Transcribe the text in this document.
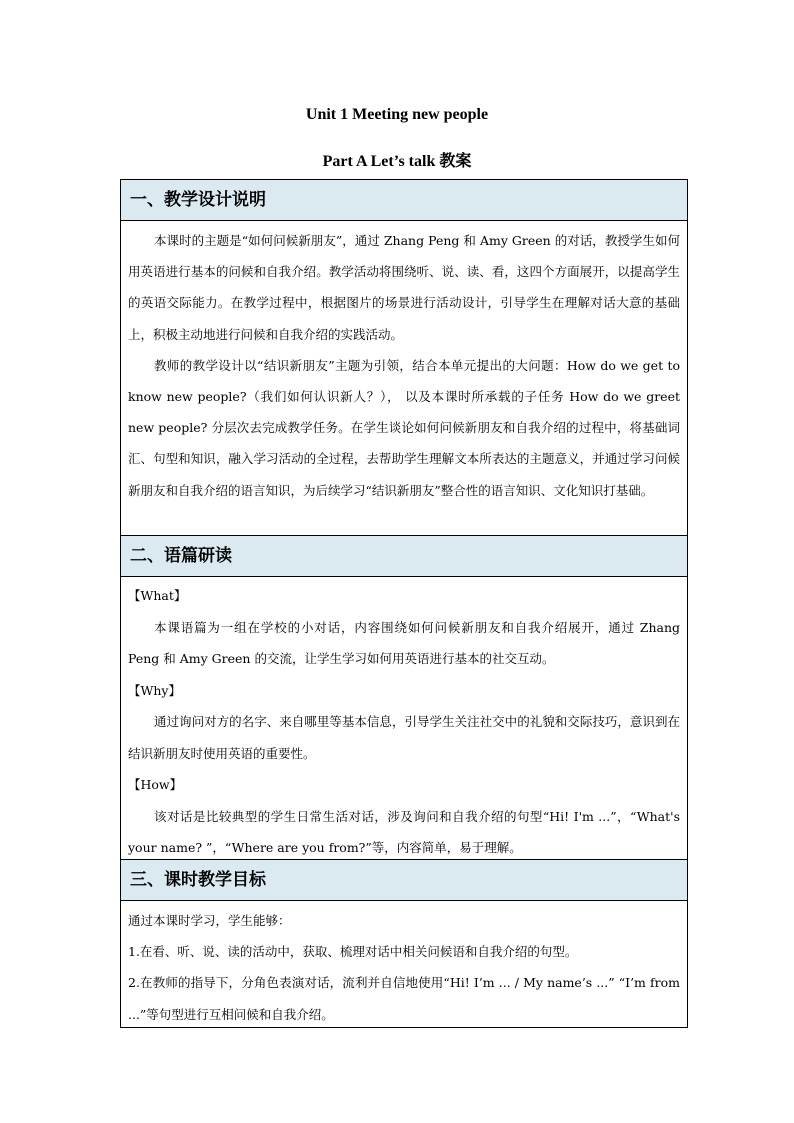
Unit 1 Meeting new people
Part A Let’s talk 教案
一、教学设计说明

本课时的主题是“如何问候新朋友”，通过 Zhang Peng 和 Amy Green 的对话，教授学生如何用英语进行基本的问候和自我介绍。教学活动将围绕听、说、读、看，这四个方面展开，以提高学生的英语交际能力。在教学过程中，根据图片的场景进行活动设计，引导学生在理解对话大意的基础上，积极主动地进行问候和自我介绍的实践活动。

教师的教学设计以“结识新朋友”主题为引领，结合本单元提出的大问题：How do we get to know new people?（我们如何认识新人？）， 以及本课时所承载的子任务 How do we greet new people? 分层次去完成教学任务。在学生谈论如何问候新朋友和自我介绍的过程中，将基础词汇、句型和知识，融入学习活动的全过程，去帮助学生理解文本所表达的主题意义，并通过学习问候新朋友和自我介绍的语言知识，为后续学习“结识新朋友”整合性的语言知识、文化知识打基础。

二、语篇研读

【What】

本课语篇为一组在学校的小对话，内容围绕如何问候新朋友和自我介绍展开，通过 Zhang Peng 和 Amy Green 的交流，让学生学习如何用英语进行基本的社交互动。

【Why】

通过询问对方的名字、来自哪里等基本信息，引导学生关注社交中的礼貌和交际技巧，意识到在结识新朋友时使用英语的重要性。

【How】

该对话是比较典型的学生日常生活对话，涉及询问和自我介绍的句型“Hi! I'm ...”，“What's your name? ”，“Where are you from?”等，内容简单，易于理解。

三、课时教学目标

通过本课时学习，学生能够：

1.在看、听、说、读的活动中，获取、梳理对话中相关问候语和自我介绍的句型。

2.在教师的指导下，分角色表演对话，流利并自信地使用“Hi! I’m ... / My name’s ...” “I’m from ...”等句型进行互相问候和自我介绍。
